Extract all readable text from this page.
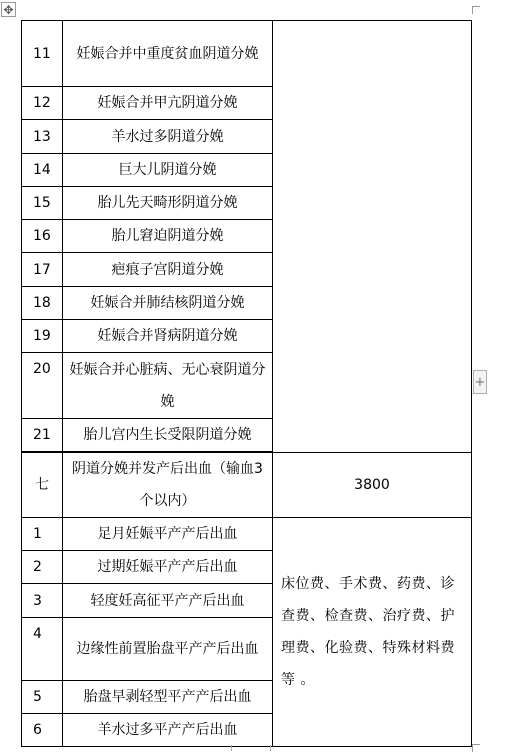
✥
11	妊娠合并中重度贫血阴道分娩	
12	妊娠合并甲亢阴道分娩	
13	羊水过多阴道分娩	
14	巨大儿阴道分娩	
15	胎儿先天畸形阴道分娩	
16	胎儿窘迫阴道分娩	
17	疤痕子宫阴道分娩	
18	妊娠合并肺结核阴道分娩	
19	妊娠合并肾病阴道分娩	
20	妊娠合并心脏病、无心衰阴道分娩	
21	胎儿宫内生长受限阴道分娩	

七	阴道分娩并发产后出血（输血3个以内）	3800
1	足月妊娠平产产后出血	床位费、手术费、药费、诊查费、检查费、治疗费、护理费、化验费、特殊材料费等 。
2	过期妊娠平产产后出血	
3	轻度妊高征平产产后出血	
4	边缘性前置胎盘平产产后出血	
5	胎盘早剥轻型平产产后出血	
6	羊水过多平产产后出血	
+
